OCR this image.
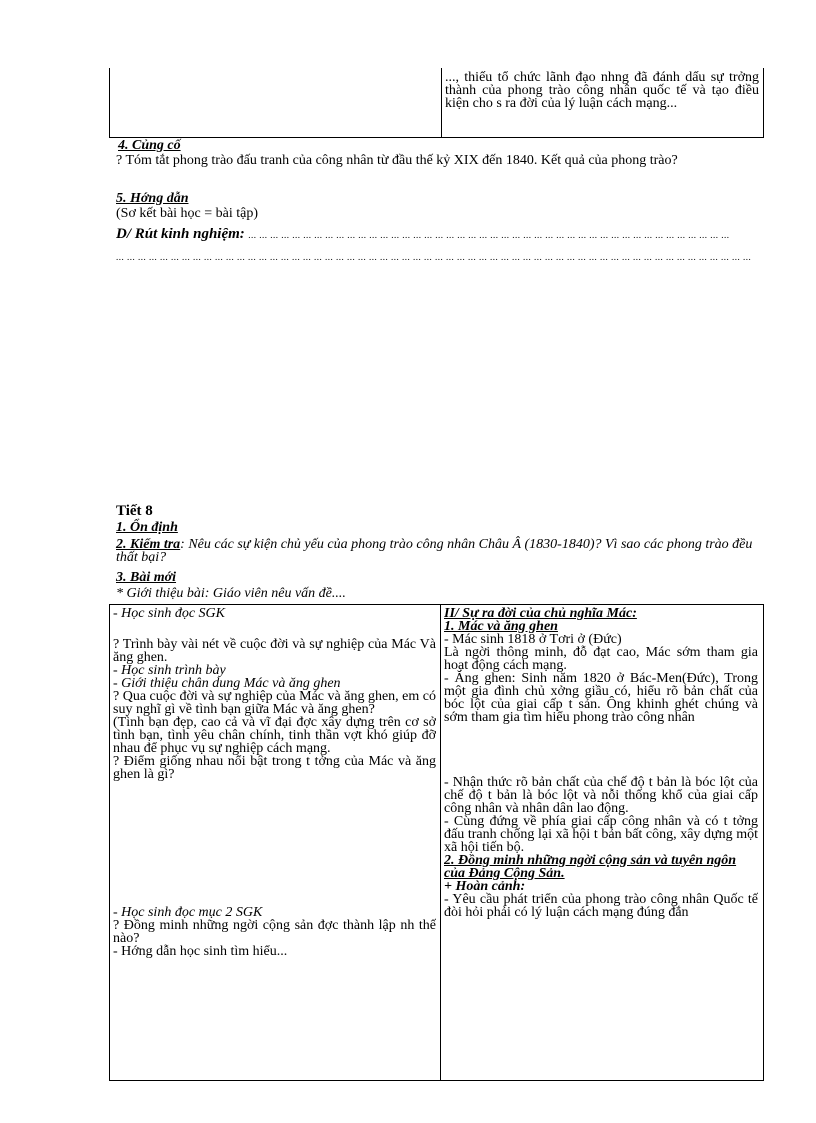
..., thiếu tổ chức lãnh đạo nhng đã đánh dấu sự trởng thành của phong trào công nhân quốc tế và tạo điều kiện cho s ra đời của lý luận cách mạng...

4. Củng cố

? Tóm tắt phong trào đấu tranh của công nhân từ đầu thế kỷ XIX đến 1840. Kết quả của phong trào?

5. Hớng dẫn
(Sơ kết bài học = bài tập)
D/ Rút kinh nghiệm: ... ... ... ... ... ... ... ... ... ... ... ... ... ... ... ... ... ... ... ... ... ... ... ... ... ... ... ... ... ... ... ... ... ... ... ... ... ... ... ... ... ... ... ...
... ... ... ... ... ... ... ... ... ... ... ... ... ... ... ... ... ... ... ... ... ... ... ... ... ... ... ... ... ... ... ... ... ... ... ... ... ... ... ... ... ... ... ... ... ... ... ... ... ... ... ... ... ... ... ... ... ...
Tiết 8
1. Ổn định
2. Kiểm tra: Nêu các sự kiện chủ yếu của phong trào công nhân Châu Â (1830-1840)? Vì sao các phong trào đều thất bại?
3. Bài mới
* Giới thiệu bài: Giáo viên nêu vấn đề....

- Học sinh đọc SGK

? Trình bày vài nét về cuộc đời và sự nghiệp của Mác Và ăng ghen.

- Học sinh trình bày

- Giới thiệu chân dung Mác và ăng ghen

? Qua cuộc đời và sự nghiệp của Mác và ăng ghen, em có suy nghĩ gì về tình bạn giữa Mác và ăng ghen?

(Tình bạn đẹp, cao cả và vĩ đại đợc xây dựng trên cơ sở tình bạn, tình yêu chân chính, tinh thần vợt khó giúp đỡ nhau để phục vụ sự nghiệp cách mạng.

? Điểm giống nhau nổi bật trong t tởng của Mác và ăng ghen là gì?

- Học sinh đọc mục 2 SGK

? Đồng minh những ngời cộng sản đợc thành lập nh thế nào?

- Hớng dẫn học sinh tìm hiểu...

II/ Sự ra đời của chủ nghĩa Mác:

1. Mác và ăng ghen

- Mác sinh 1818 ở Tơri ở (Đức)

Là ngời thông minh, đỗ đạt cao, Mác sớm tham gia hoạt động cách mạng.

- Ăng ghen: Sinh năm 1820 ở Bác-Men(Đức), Trong một gia đình chủ xởng giầu có, hiểu rõ bản chất của bóc lột của giai cấp t sản. Ông khinh ghét chúng và sớm tham gia tìm hiểu phong trào công nhân

- Nhận thức rõ bản chất của chế độ t bản là bóc lột của chế độ t bản là bóc lột và nỗi thống khổ của giai cấp công nhân và nhân dân lao động.

- Cùng đứng về phía giai cấp công nhân và có t tởng đấu tranh chống lại xã hội t bản bất công, xây dựng một xã hội tiến bộ.

2. Đồng minh những ngời cộng sản và tuyên ngôn của Đảng Cộng Sản.

+ Hoàn cảnh:

- Yêu cầu phát triển của phong trào công nhân Quốc tế đòi hỏi phải có lý luận cách mạng đúng đắn
